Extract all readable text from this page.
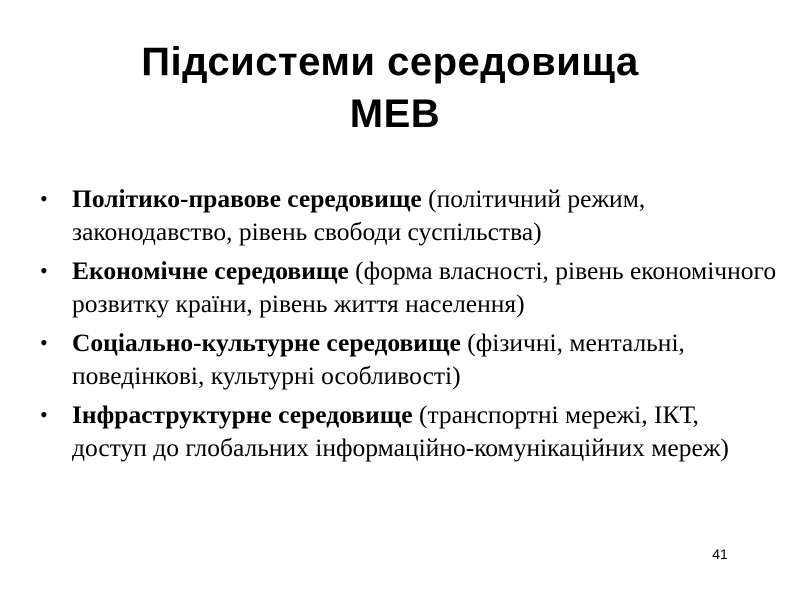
Підсистеми середовища
МЕВ
• Політико-правове середовище (політичний режим, законодавство, рівень свободи суспільства)
• Економічне середовище (форма власності, рівень економічного розвитку країни, рівень життя населення)
• Соціально-культурне середовище (фізичні, ментальні, поведінкові, культурні особливості)
• Інфраструктурне середовище (транспортні мережі, ІКТ, доступ до глобальних інформаційно-комунікаційних мереж)
41
